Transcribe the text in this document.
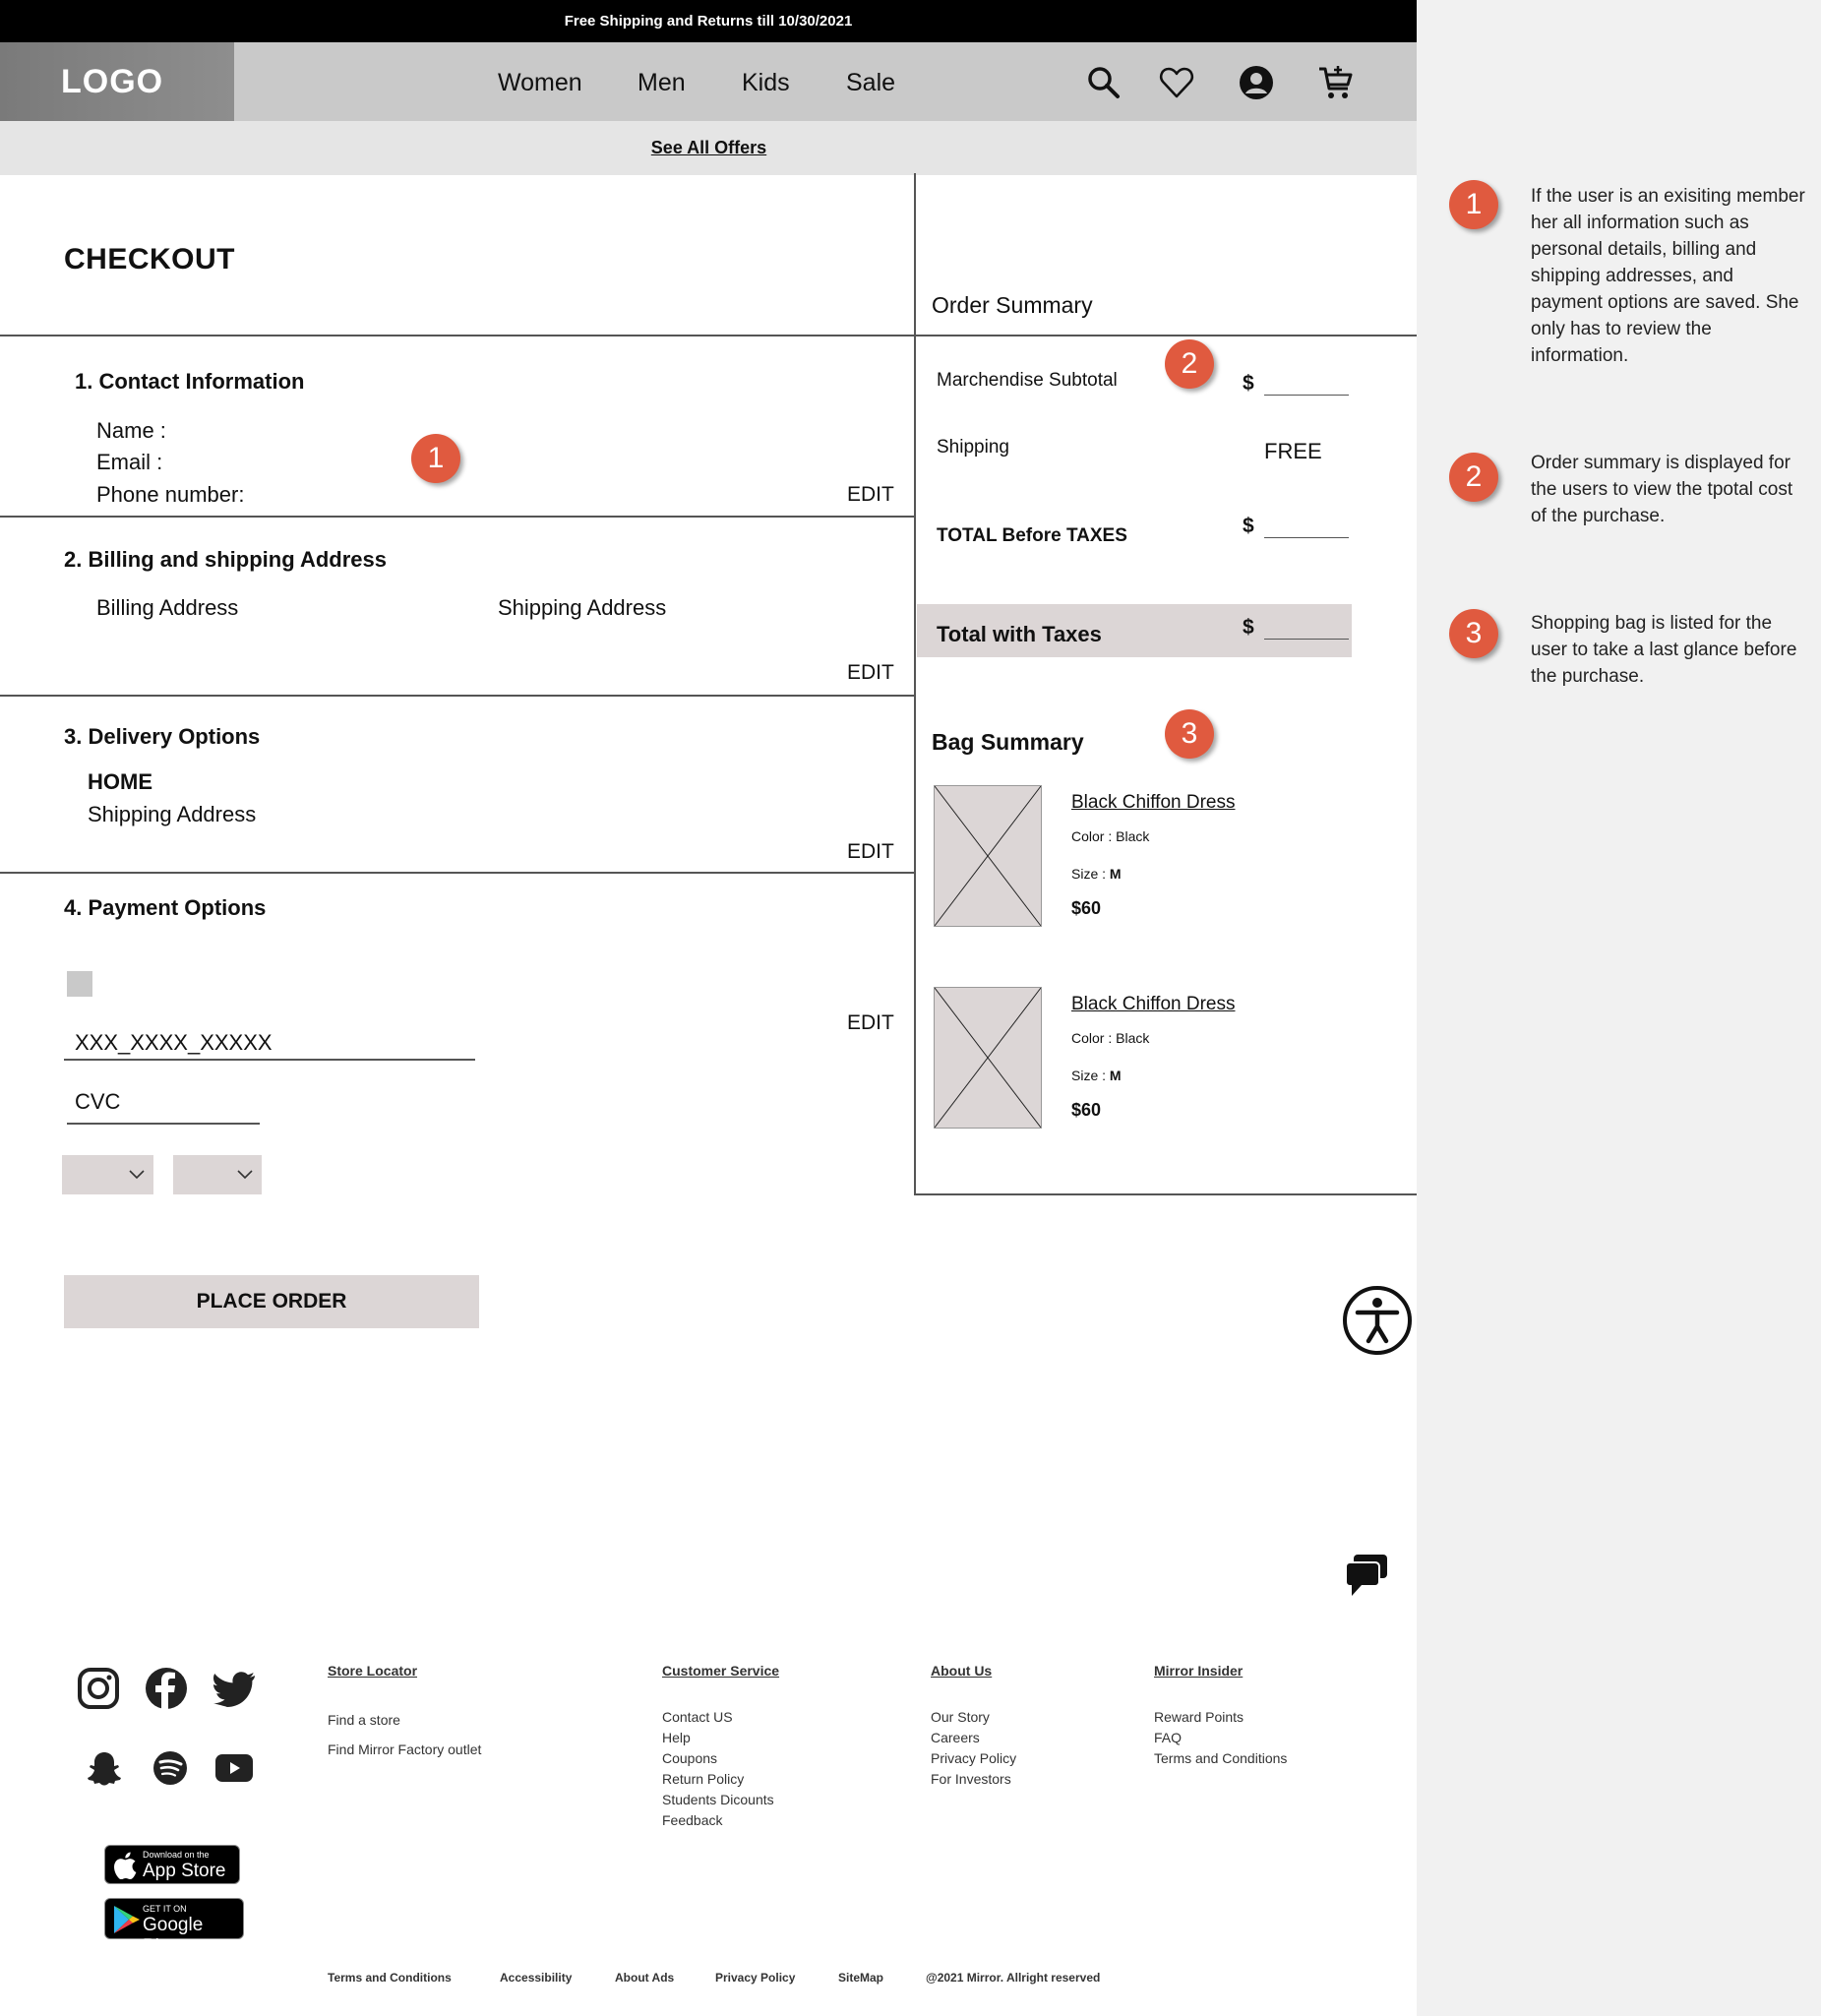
Free Shipping and Returns till 10/30/2021
LOGO	Women Men Kids Sale
See All Offers
CHECKOUT
1. Contact Information
Name :
Email :
Phone number:	EDIT
1
2. Billing and shipping Address
Billing Address	Shipping Address
EDIT
3. Delivery Options
HOME
Shipping Address
EDIT
4. Payment Options
XXX_XXXX_XXXXX
CVC
EDIT
PLACE ORDER
Order Summary
2
Marchendise Subtotal	$
Shipping	FREE
TOTAL Before TAXES	$
Total with Taxes	$
Bag Summary	3
Black Chiffon Dress
Color : Black
Size : M
$60
Black Chiffon Dress
Color : Black
Size : M
$60
Download on the
App Store
GET IT ON
Google Play
Store Locator
Find a store
Find Mirror Factory outlet
Customer Service
Contact US
Help
Coupons
Return Policy
Students Dicounts
Feedback
About Us
Our Story
Careers
Privacy Policy
For Investors
Mirror Insider
Reward Points
FAQ
Terms and Conditions
Terms and Conditions	Accessibility	About Ads	Privacy Policy	SiteMap	@2021 Mirror. Allright reserved
1	If the user is an exisiting member her all information such as personal details, billing and shipping addresses, and payment options are saved. She only has to review the information.
2	Order summary is displayed for the users to view the tpotal cost of the purchase.
3	Shopping bag is listed for the user to take a last glance before the purchase.
